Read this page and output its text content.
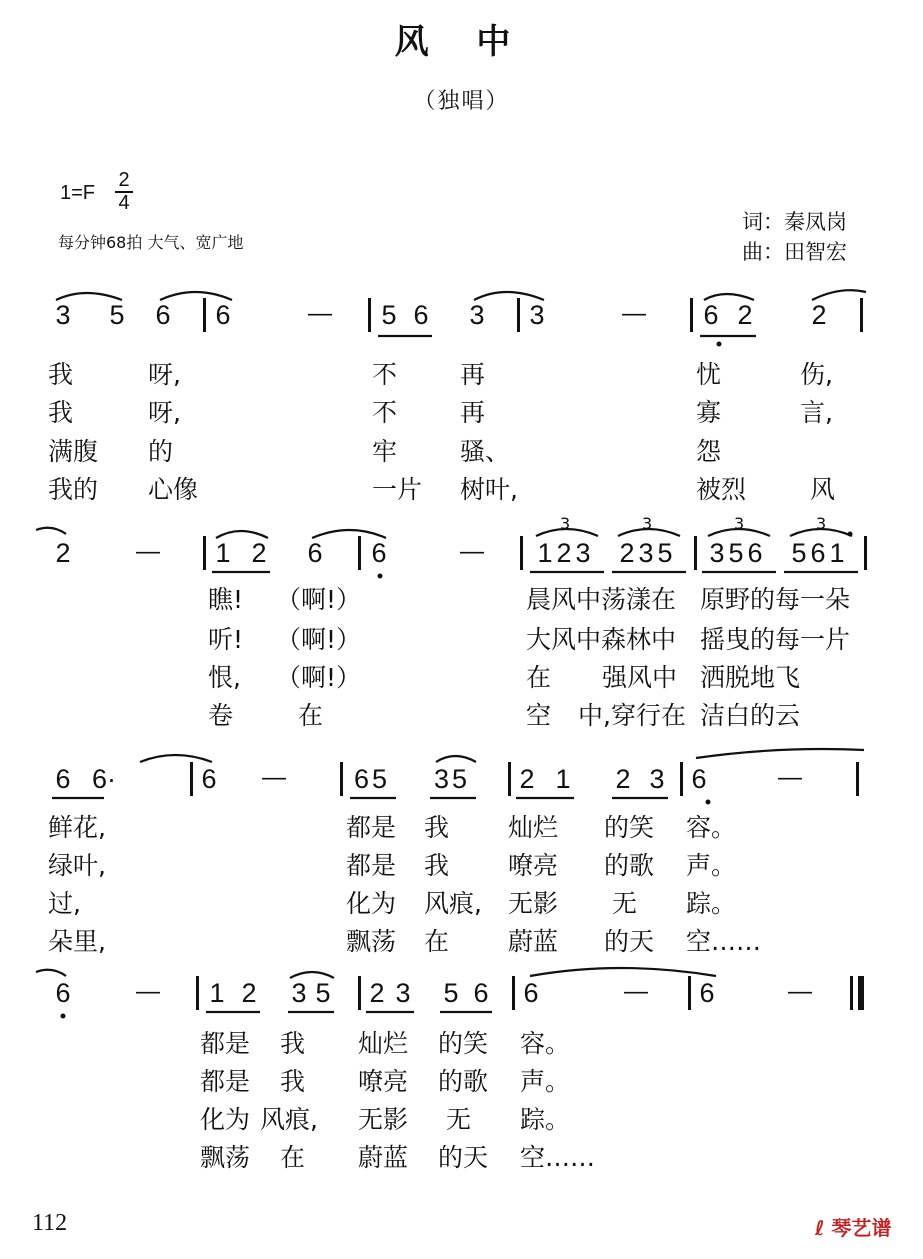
风 中
（独唱）
1=F
2
4
每分钟68拍 大气、宽广地
词：秦凤岗
曲：田智宏
3 5 6 6	— 5 6 3 3	— 6 2 2
我	呀,	不	再	忧	伤,
我	呀,	不	再	寡	言,
满腹 的	牢	骚、	怨
我的 心像	一片 树叶,	被烈	风
2	— 1 2 6 6	— 123 235 356 561
3	3	3	3
瞧! （啊!）	晨风中荡漾在 原野的每一朵
听! （啊!）	大风中森林中 摇曳的每一片
恨, （啊!）	在 强风中 洒脱地飞
卷	在	空 中,穿行在 洁白的云
6 6·	6 —	65 35 2 1 2 3 6	—
鲜花,	都是 我 灿烂 的笑 容。
绿叶,	都是 我 嘹亮 的歌 声。
过,	化为 风痕, 无影 无 踪。
朵里,	飘荡 在 蔚蓝 的天 空……
6	— 1 2 3 5 2 3 5 6 6	— 6	—
都是 我 灿烂 的笑 容。
都是 我 嘹亮 的歌 声。
化为 风痕, 无影 无 踪。
飘荡 在 蔚蓝 的天 空……
112	ℓ 琴艺谱
